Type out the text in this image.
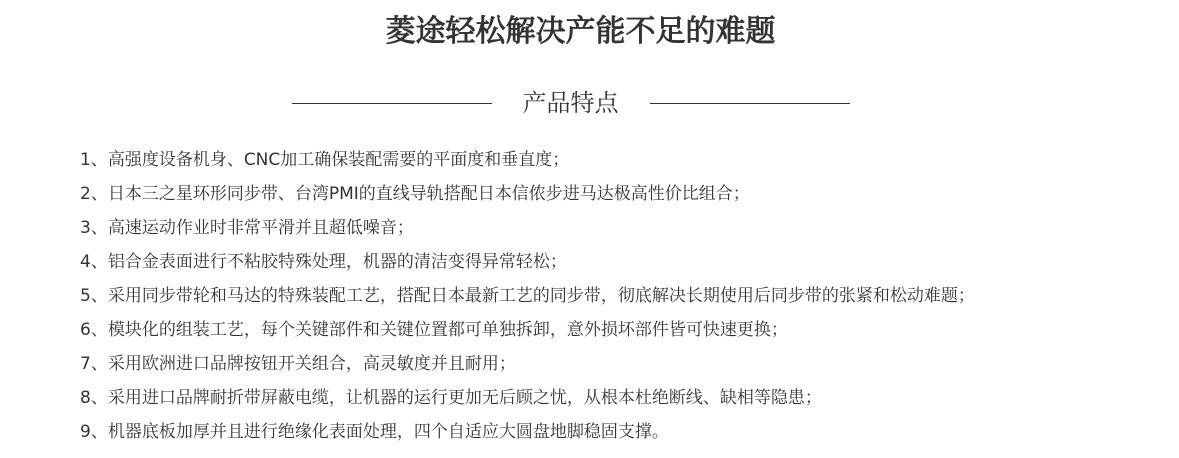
菱途轻松解决产能不足的难题
产品特点
1、高强度设备机身、CNC加工确保装配需要的平面度和垂直度；
2、日本三之星环形同步带、台湾PMI的直线导轨搭配日本信侬步进马达极高性价比组合；
3、高速运动作业时非常平滑并且超低噪音；
4、铝合金表面进行不粘胶特殊处理，机器的清洁变得异常轻松；
5、采用同步带轮和马达的特殊装配工艺，搭配日本最新工艺的同步带，彻底解决长期使用后同步带的张紧和松动难题；
6、模块化的组装工艺，每个关键部件和关键位置都可单独拆卸，意外损坏部件皆可快速更换；
7、采用欧洲进口品牌按钮开关组合，高灵敏度并且耐用；
8、采用进口品牌耐折带屏蔽电缆，让机器的运行更加无后顾之忧，从根本杜绝断线、缺相等隐患；
9、机器底板加厚并且进行绝缘化表面处理，四个自适应大圆盘地脚稳固支撑。
